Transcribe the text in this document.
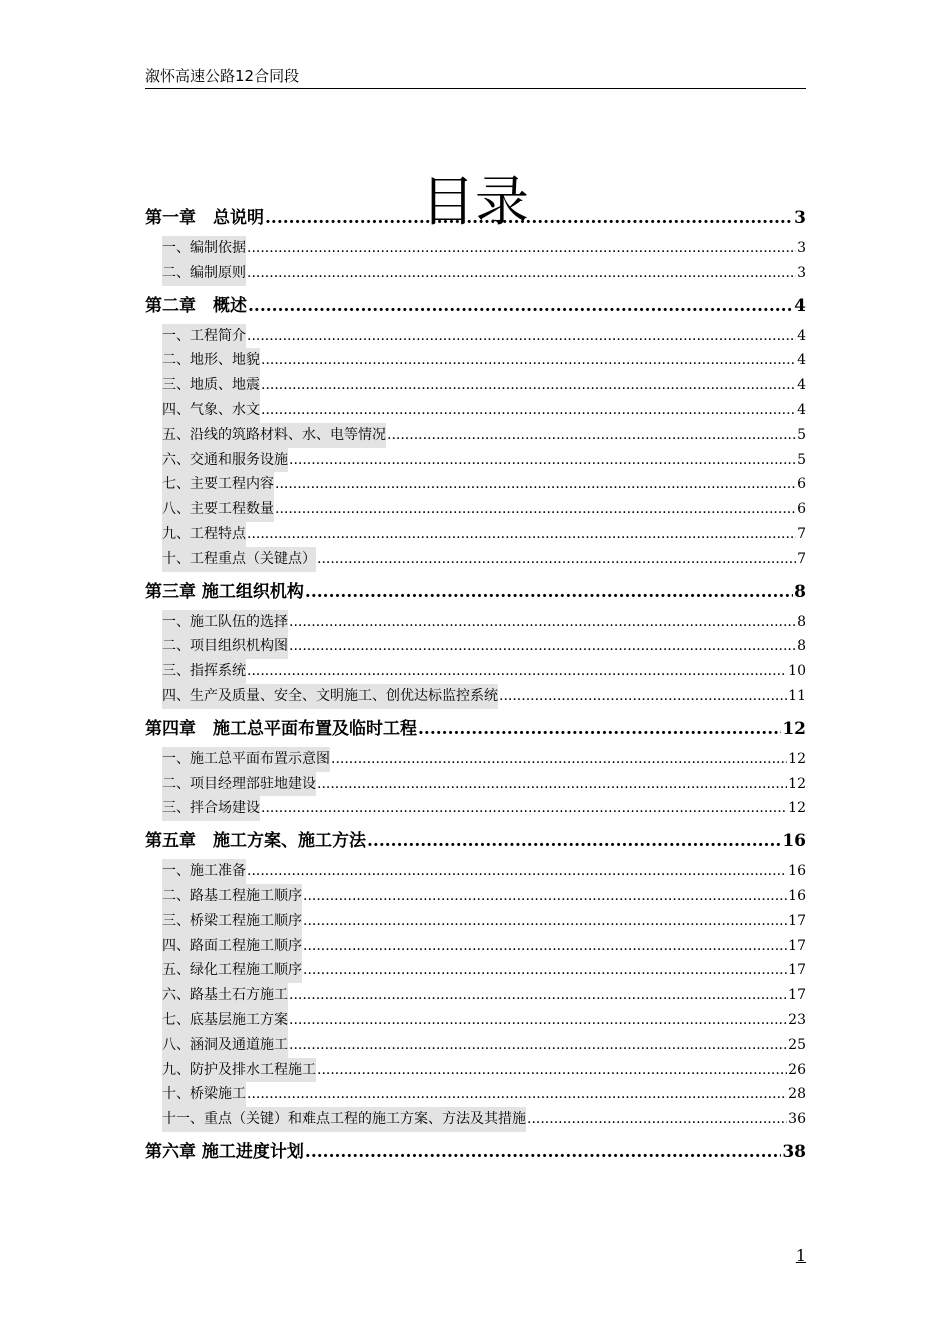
溆怀高速公路12合同段
目录
第一章　总说明 .....	3
一、编制依据 .....	3
二、编制原则 .....	3
第二章　概述 .....	4
一、工程简介 .....	4
二、地形、地貌 .....	4
三、地质、地震 .....	4
四、气象、水文 .....	4
五、沿线的筑路材料、水、电等情况 .....	5
六、交通和服务设施 .....	5
七、主要工程内容 .....	6
八、主要工程数量 .....	6
九、工程特点 .....	7
十、工程重点（关键点） .....	7
第三章 施工组织机构 .....	8
一、施工队伍的选择 .....	8
二、项目组织机构图 .....	8
三、指挥系统 .....	10
四、生产及质量、安全、文明施工、创优达标监控系统 .....	11
第四章　施工总平面布置及临时工程 .....	12
一、施工总平面布置示意图 .....	12
二、项目经理部驻地建设 .....	12
三、拌合场建设 .....	12
第五章　施工方案、施工方法 .....	16
一、施工准备 .....	16
二、路基工程施工顺序 .....	16
三、桥梁工程施工顺序 .....	17
四、路面工程施工顺序 .....	17
五、绿化工程施工顺序 .....	17
六、路基土石方施工 .....	17
七、底基层施工方案 .....	23
八、涵洞及通道施工 .....	25
九、防护及排水工程施工 .....	26
十、桥梁施工 .....	28
十一、重点（关键）和难点工程的施工方案、方法及其措施 .....	36
第六章 施工进度计划 .....	38
1
